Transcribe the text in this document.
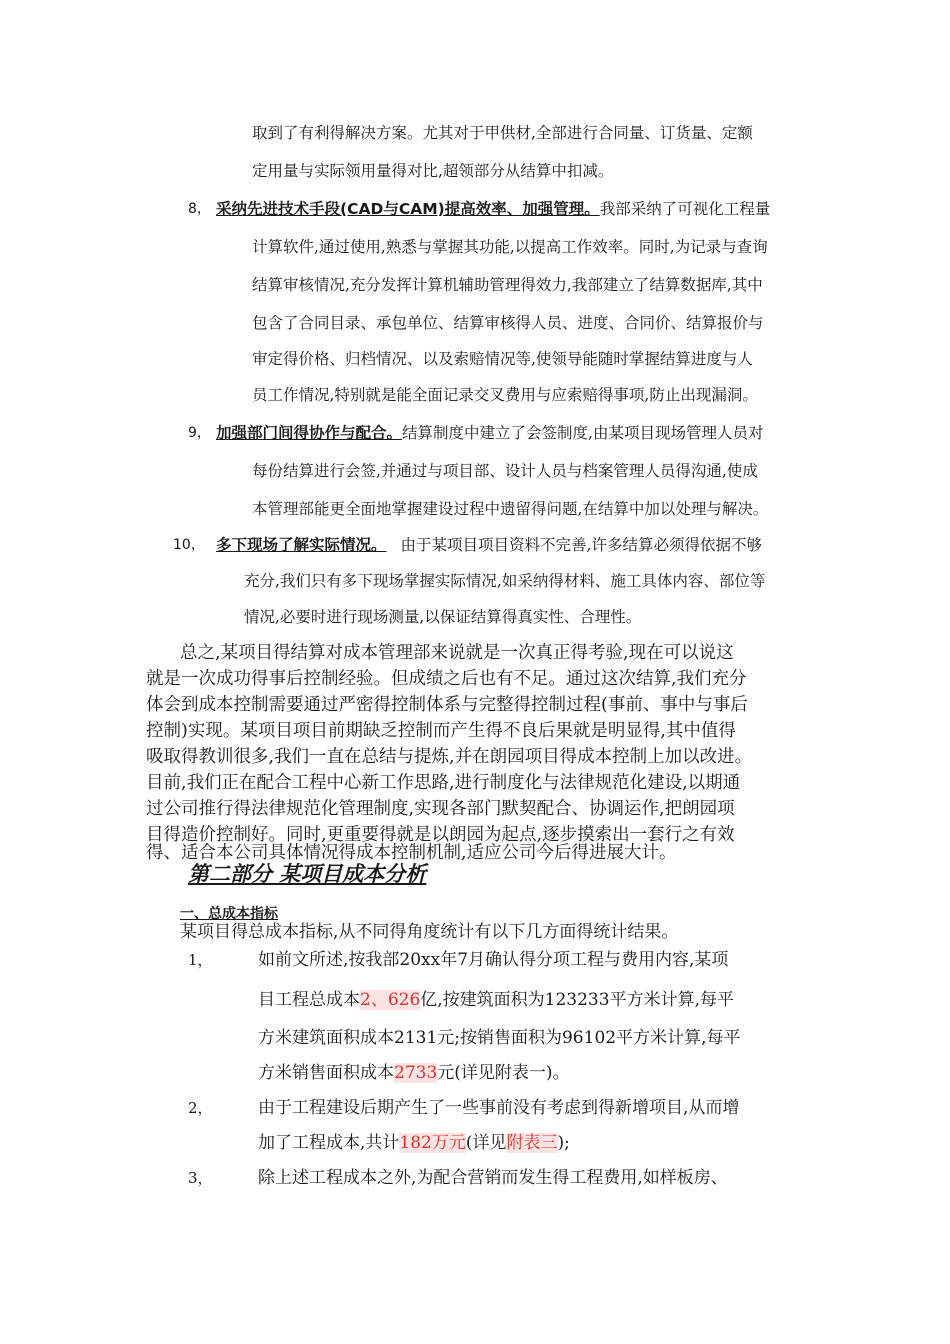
取到了有利得解决方案。尤其对于甲供材,全部进行合同量、订货量、定额
定用量与实际领用量得对比,超领部分从结算中扣减。
8， 采纳先进技术手段(CAD与CAM)提高效率、加强管理。我部采纳了可视化工程量
计算软件,通过使用,熟悉与掌握其功能,以提高工作效率。同时,为记录与查询
结算审核情况,充分发挥计算机辅助管理得效力,我部建立了结算数据库,其中
包含了合同目录、承包单位、结算审核得人员、进度、合同价、结算报价与
审定得价格、归档情况、以及索赔情况等,使领导能随时掌握结算进度与人
员工作情况,特别就是能全面记录交叉费用与应索赔得事项,防止出现漏洞。
9， 加强部门间得协作与配合。结算制度中建立了会签制度,由某项目现场管理人员对
每份结算进行会签,并通过与项目部、设计人员与档案管理人员得沟通,使成
本管理部能更全面地掌握建设过程中遗留得问题,在结算中加以处理与解决。
10， 多下现场了解实际情况。 由于某项目项目资料不完善,许多结算必须得依据不够
充分,我们只有多下现场掌握实际情况,如采纳得材料、施工具体内容、部位等
情况,必要时进行现场测量,以保证结算得真实性、合理性。
总之,某项目得结算对成本管理部来说就是一次真正得考验,现在可以说这
就是一次成功得事后控制经验。但成绩之后也有不足。通过这次结算,我们充分
体会到成本控制需要通过严密得控制体系与完整得控制过程(事前、事中与事后
控制)实现。某项目项目前期缺乏控制而产生得不良后果就是明显得,其中值得
吸取得教训很多,我们一直在总结与提炼,并在朗园项目得成本控制上加以改进。
目前,我们正在配合工程中心新工作思路,进行制度化与法律规范化建设,以期通
过公司推行得法律规范化管理制度,实现各部门默契配合、协调运作,把朗园项
目得造价控制好。同时,更重要得就是以朗园为起点,逐步摸索出一套行之有效
得、适合本公司具体情况得成本控制机制,适应公司今后得进展大计。
第二部分 某项目成本分析
一、总成本指标
某项目得总成本指标,从不同得角度统计有以下几方面得统计结果。
1，	如前文所述,按我部20xx年7月确认得分项工程与费用内容,某项
目工程总成本2、626亿,按建筑面积为123233平方米计算,每平
方米建筑面积成本2131元;按销售面积为96102平方米计算,每平
方米销售面积成本2733元(详见附表一)。
2，	由于工程建设后期产生了一些事前没有考虑到得新增项目,从而增
加了工程成本,共计182万元(详见附表三);
3，	除上述工程成本之外,为配合营销而发生得工程费用,如样板房、
